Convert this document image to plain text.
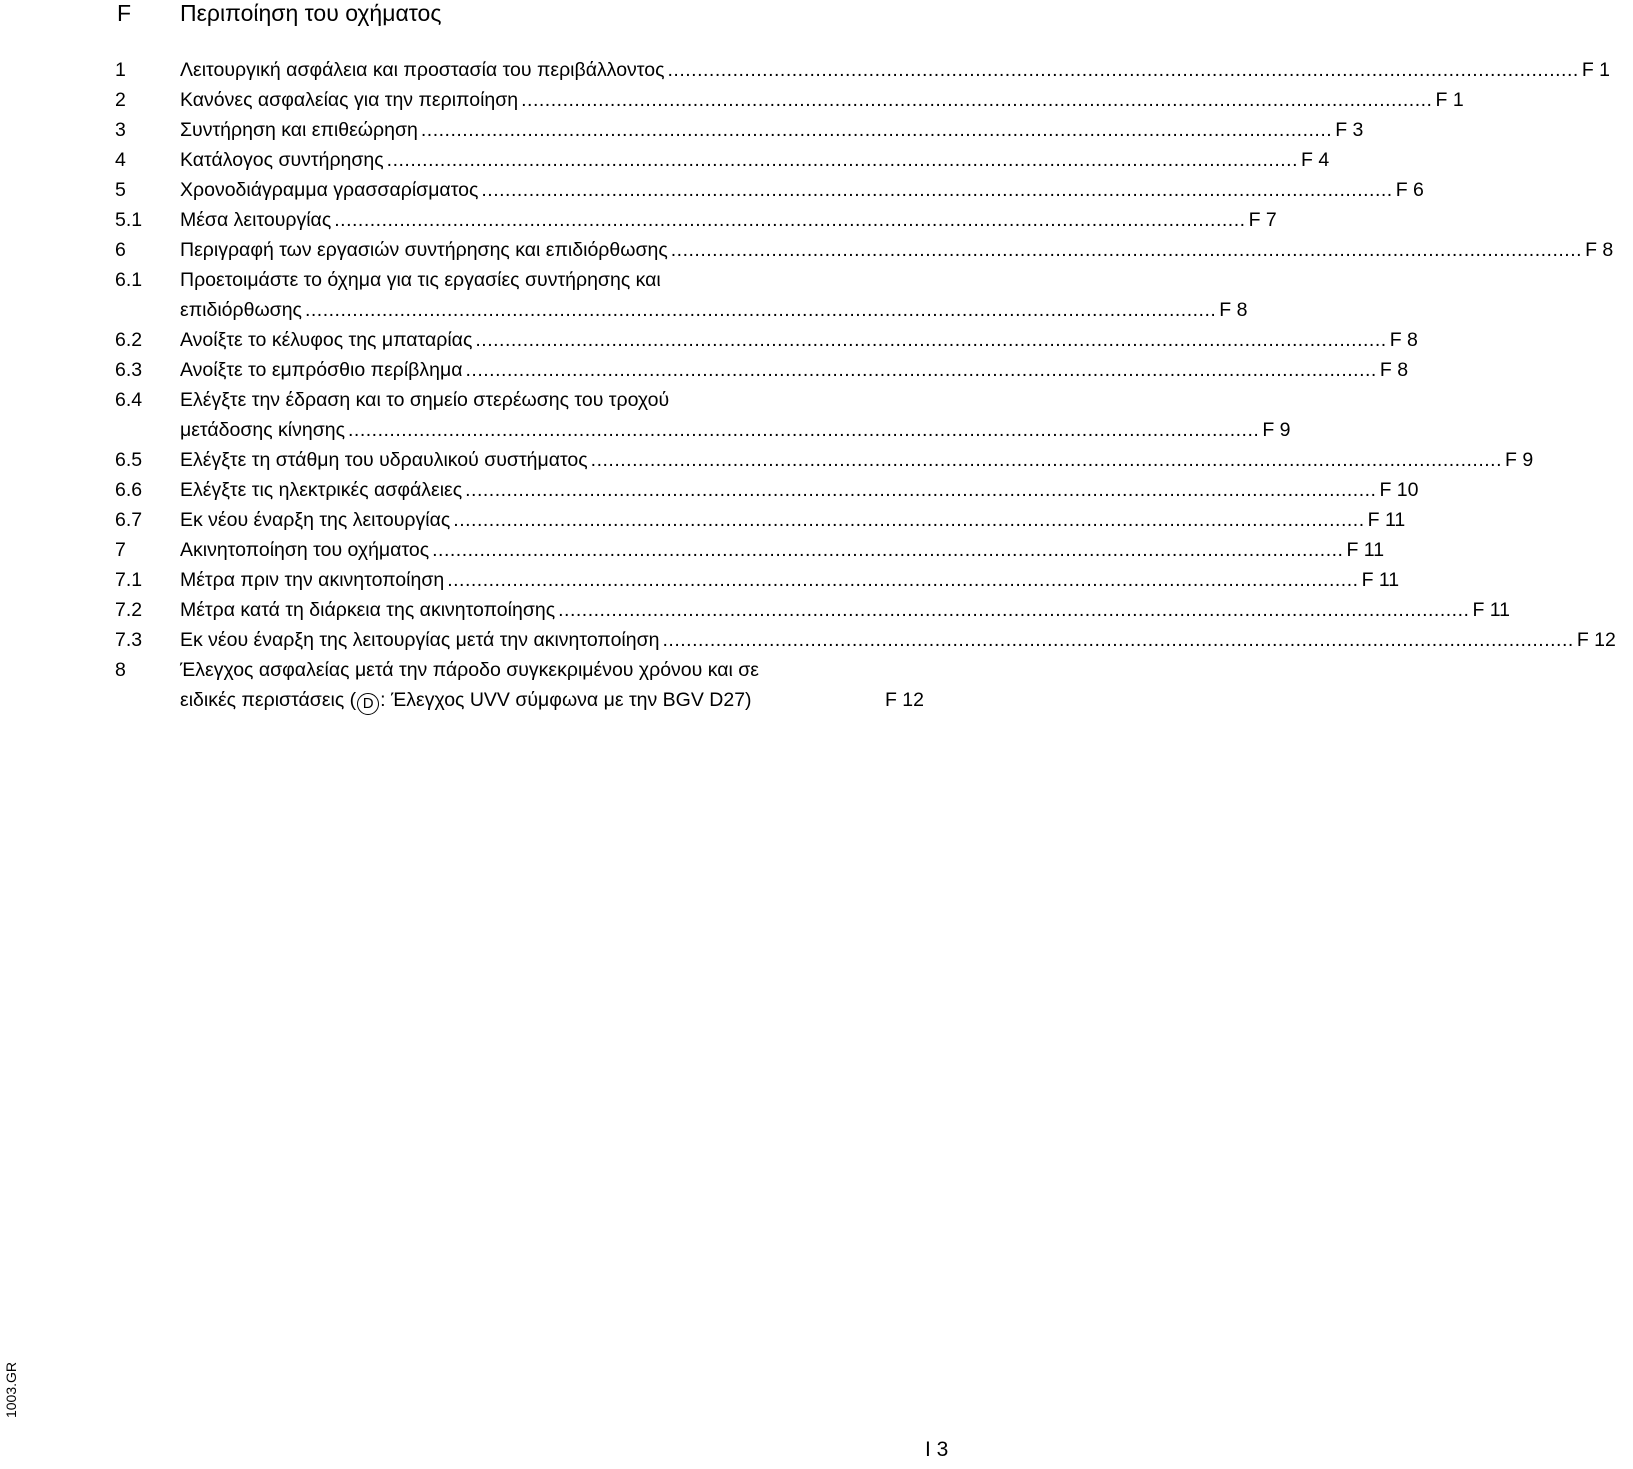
F Περιποίηση του οχήματος
1	Λειτουργική ασφάλεια και προστασία του περιβάλλοντος .......................................................................................................................................................... F 1
2	Κανόνες ασφαλείας για την περιποίηση .......................................................................................................................................................... F 1
3	Συντήρηση και επιθεώρηση .......................................................................................................................................................... F 3
4	Κατάλογος συντήρησης .......................................................................................................................................................... F 4
5	Χρονοδιάγραμμα γρασσαρίσματος .......................................................................................................................................................... F 6
5.1 Μέσα λειτουργίας .......................................................................................................................................................... F 7
6	Περιγραφή των εργασιών συντήρησης και επιδιόρθωσης .......................................................................................................................................................... F 8
6.1 Προετοιμάστε το όχημα για τις εργασίες συντήρησης και
επιδιόρθωσης .......................................................................................................................................................... F 8
6.2 Ανοίξτε το κέλυφος της μπαταρίας .......................................................................................................................................................... F 8
6.3 Ανοίξτε το εμπρόσθιο περίβλημα .......................................................................................................................................................... F 8
6.4 Ελέγξτε την έδραση και το σημείο στερέωσης του τροχού
μετάδοσης κίνησης .......................................................................................................................................................... F 9
6.5 Ελέγξτε τη στάθμη του υδραυλικού συστήματος .......................................................................................................................................................... F 9
6.6 Ελέγξτε τις ηλεκτρικές ασφάλειες .......................................................................................................................................................... F 10
6.7 Εκ νέου έναρξη της λειτουργίας .......................................................................................................................................................... F 11
7	Ακινητοποίηση του οχήματος .......................................................................................................................................................... F 11
7.1 Μέτρα πριν την ακινητοποίηση .......................................................................................................................................................... F 11
7.2 Μέτρα κατά τη διάρκεια της ακινητοποίησης .......................................................................................................................................................... F 11
7.3 Εκ νέου έναρξη της λειτουργίας μετά την ακινητοποίηση .......................................................................................................................................................... F 12
8	Έλεγχος ασφαλείας μετά την πάροδο συγκεκριμένου χρόνου και σε
ειδικές περιστάσεις ( D : Έλεγχος UVV σύμφωνα με την BGV D27)	F 12
1003.GR
I 3
